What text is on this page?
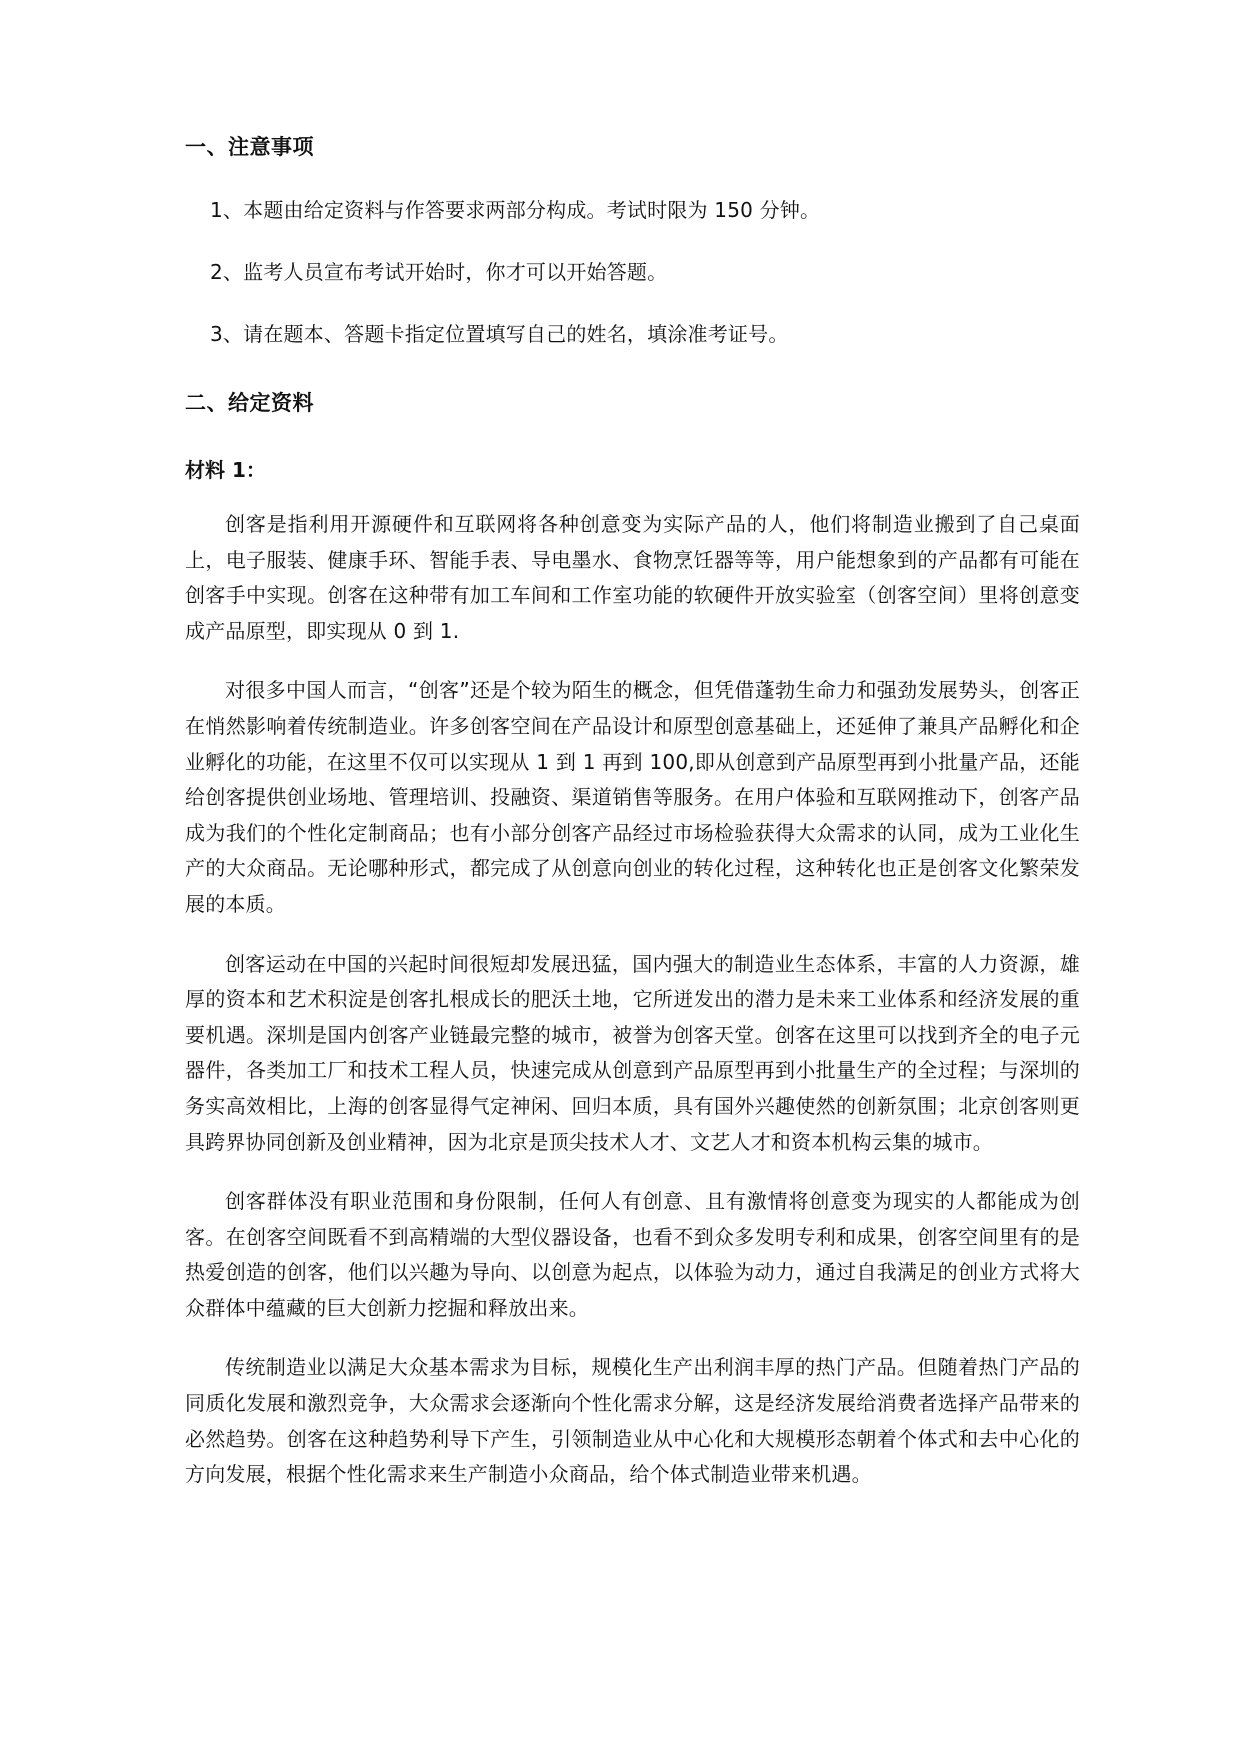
一、注意事项
1、本题由给定资料与作答要求两部分构成。考试时限为 150 分钟。
2、监考人员宣布考试开始时，你才可以开始答题。
3、请在题本、答题卡指定位置填写自己的姓名，填涂准考证号。
二、给定资料
材料 1：

创客是指利用开源硬件和互联网将各种创意变为实际产品的人，他们将制造业搬到了自己桌面上，电子服装、健康手环、智能手表、导电墨水、食物烹饪器等等，用户能想象到的产品都有可能在创客手中实现。创客在这种带有加工车间和工作室功能的软硬件开放实验室（创客空间）里将创意变成产品原型，即实现从 0 到 1.

对很多中国人而言，“创客”还是个较为陌生的概念，但凭借蓬勃生命力和强劲发展势头，创客正在悄然影响着传统制造业。许多创客空间在产品设计和原型创意基础上，还延伸了兼具产品孵化和企业孵化的功能，在这里不仅可以实现从 1 到 1 再到 100,即从创意到产品原型再到小批量产品，还能给创客提供创业场地、管理培训、投融资、渠道销售等服务。在用户体验和互联网推动下，创客产品成为我们的个性化定制商品；也有小部分创客产品经过市场检验获得大众需求的认同，成为工业化生产的大众商品。无论哪种形式，都完成了从创意向创业的转化过程，这种转化也正是创客文化繁荣发展的本质。

创客运动在中国的兴起时间很短却发展迅猛，国内强大的制造业生态体系，丰富的人力资源，雄厚的资本和艺术积淀是创客扎根成长的肥沃土地，它所迸发出的潜力是未来工业体系和经济发展的重要机遇。深圳是国内创客产业链最完整的城市，被誉为创客天堂。创客在这里可以找到齐全的电子元器件，各类加工厂和技术工程人员，快速完成从创意到产品原型再到小批量生产的全过程；与深圳的务实高效相比，上海的创客显得气定神闲、回归本质，具有国外兴趣使然的创新氛围；北京创客则更具跨界协同创新及创业精神，因为北京是顶尖技术人才、文艺人才和资本机构云集的城市。

创客群体没有职业范围和身份限制，任何人有创意、且有激情将创意变为现实的人都能成为创客。在创客空间既看不到高精端的大型仪器设备，也看不到众多发明专利和成果，创客空间里有的是热爱创造的创客，他们以兴趣为导向、以创意为起点，以体验为动力，通过自我满足的创业方式将大众群体中蕴藏的巨大创新力挖掘和释放出来。

传统制造业以满足大众基本需求为目标，规模化生产出利润丰厚的热门产品。但随着热门产品的同质化发展和激烈竞争，大众需求会逐渐向个性化需求分解，这是经济发展给消费者选择产品带来的必然趋势。创客在这种趋势利导下产生，引领制造业从中心化和大规模形态朝着个体式和去中心化的方向发展，根据个性化需求来生产制造小众商品，给个体式制造业带来机遇。
